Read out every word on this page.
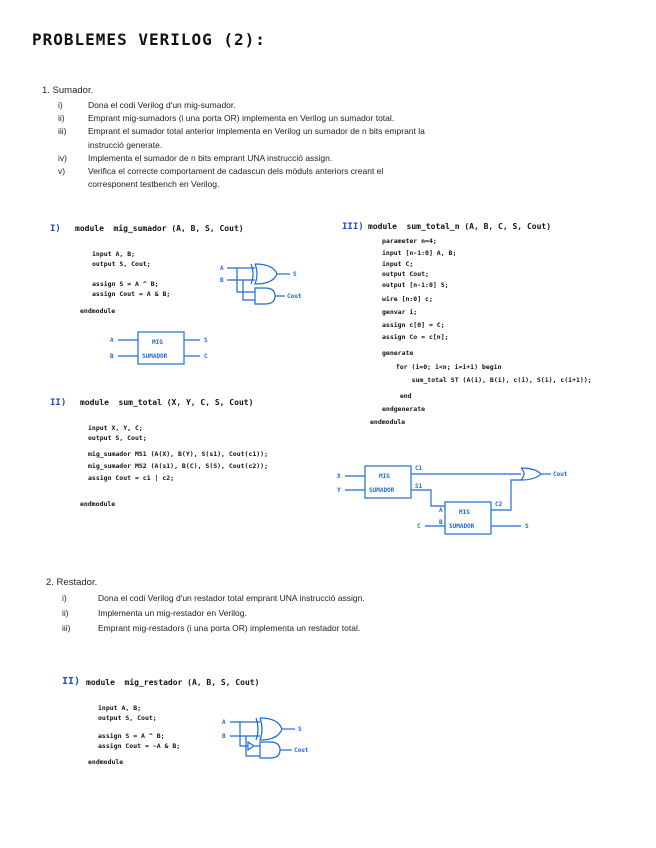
PROBLEMES VERILOG (2):
1. Sumador.
i)	Dona el codi Verilog d'un mig-sumador.
ii)	Emprant mig-sumadors (i una porta OR) implementa en Verilog un sumador total.
iii)	Emprant el sumador total anterior implementa en Verilog un sumador de n bits emprant la
instrucció generate.
iv) Implementa el sumador de n bits emprant UNA instrucció assign.
v)	Verifica el correcte comportament de cadascun dels mòduls anteriors creant el
corresponent testbench en Verilog.
I) module  mig_sumador (A, B, S, Cout)
input A, B;
output S, Cout;
assign S = A ^ B;
assign Cout = A & B;
endmodule
A
B
S
Cout
A
B
MIG
SUMADOR
S
C
II) module  sum_total (X, Y, C, S, Cout)
input X, Y, C;
output S, Cout;
mig_sumador MS1 (A(X), B(Y), S(s1), Cout(c1));
mig_sumador MS2 (A(s1), B(C), S(S), Cout(c2));
assign Cout = c1 | c2;
endmodule
III) module  sum_total_n (A, B, C, S, Cout)
parameter n=4;
input [n-1:0] A, B;
input C;
output Cout;
output [n-1:0] S;
wire [n:0] c;
genvar i;
assign c[0] = C;
assign Co = c[n];
generate
for (i=0; i<n; i=i+1) begin
sum_total ST (A(i), B(i), c(i), S(i), c(i+1));
end
endgenerate
endmodule
X
Y
MIG
SUMADOR
C1
S1
Cout
MIG
SUMADOR
A
B
C
C2
S
2. Restador.
i)	Dona el codi Verilog d'un restador total emprant UNA instrucció assign.
ii)	Implementa un mig-restador en Verilog.
iii)	Emprant mig-restadors (i una porta OR) implementa un restador total.
II) module  mig_restador (A, B, S, Cout)
input A, B;
output S, Cout;
assign S = A ^ B;
assign Cout = ~A & B;
endmodule
A
B
S
Cout
